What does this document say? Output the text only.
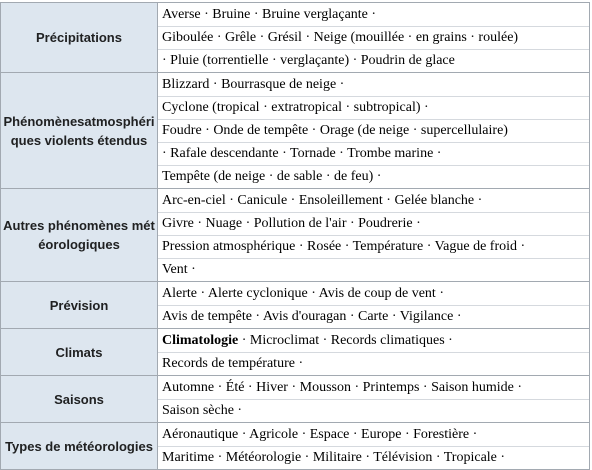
Précipitations	Averse · Bruine · Bruine verglaçante ·
Giboulée · Grêle · Grésil · Neige (mouillée · en grains · roulée)
· Pluie (torrentielle · verglaçante) · Poudrin de glace

Phénomènesatmosphériques violents étendus	Blizzard · Bourrasque de neige ·
Cyclone (tropical · extratropical · subtropical) ·
Foudre · Onde de tempête · Orage (de neige · supercellulaire)
· Rafale descendante · Tornade · Trombe marine ·
Tempête (de neige · de sable · de feu) ·

Autres phénomènes météorologiques	Arc-en-ciel · Canicule · Ensoleillement · Gelée blanche ·
Givre · Nuage · Pollution de l'air · Poudrerie ·
Pression atmosphérique · Rosée · Température · Vague de froid ·
Vent ·

Prévision	Alerte · Alerte cyclonique · Avis de coup de vent ·
Avis de tempête · Avis d'ouragan · Carte · Vigilance ·

Climats	Climatologie · Microclimat · Records climatiques ·
Records de température ·

Saisons	Automne · Été · Hiver · Mousson · Printemps · Saison humide ·
Saison sèche ·

Types de météorologies	Aéronautique · Agricole · Espace · Europe · Forestière ·
Maritime · Météorologie · Militaire · Télévision · Tropicale ·
